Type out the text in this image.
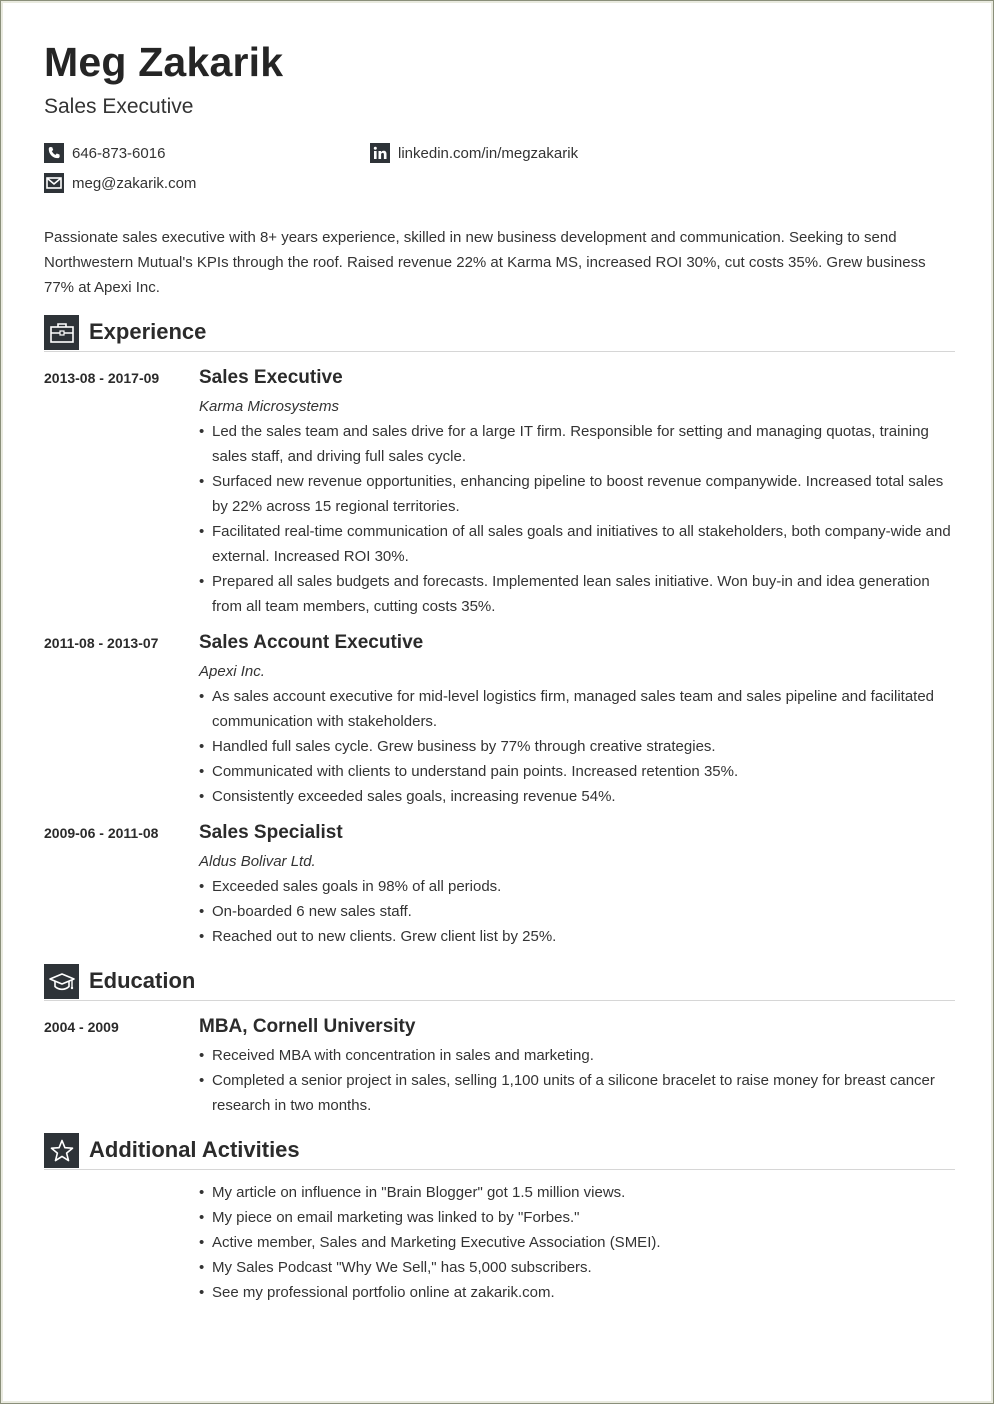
Meg Zakarik
Sales Executive
646-873-6016	linkedin.com/in/megzakarik
meg@zakarik.com
Passionate sales executive with 8+ years experience, skilled in new business development and communication. Seeking to send Northwestern Mutual's KPIs through the roof. Raised revenue 22% at Karma MS, increased ROI 30%, cut costs 35%. Grew business 77% at Apexi Inc.
Experience
2013-08 - 2017-09 Sales Executive
Karma Microsystems
• Led the sales team and sales drive for a large IT firm. Responsible for setting and managing quotas, training sales staff, and driving full sales cycle.
• Surfaced new revenue opportunities, enhancing pipeline to boost revenue companywide. Increased total sales by 22% across 15 regional territories.
• Facilitated real-time communication of all sales goals and initiatives to all stakeholders, both company-wide and external. Increased ROI 30%.
• Prepared all sales budgets and forecasts. Implemented lean sales initiative. Won buy-in and idea generation from all team members, cutting costs 35%.
2011-08 - 2013-07 Sales Account Executive
Apexi Inc.
• As sales account executive for mid-level logistics firm, managed sales team and sales pipeline and facilitated communication with stakeholders.
• Handled full sales cycle. Grew business by 77% through creative strategies.
• Communicated with clients to understand pain points. Increased retention 35%.
• Consistently exceeded sales goals, increasing revenue 54%.
2009-06 - 2011-08 Sales Specialist
Aldus Bolivar Ltd.
• Exceeded sales goals in 98% of all periods.
• On-boarded 6 new sales staff.
• Reached out to new clients. Grew client list by 25%.
Education
2004 - 2009	MBA, Cornell University
• Received MBA with concentration in sales and marketing.
• Completed a senior project in sales, selling 1,100 units of a silicone bracelet to raise money for breast cancer research in two months.
Additional Activities
• My article on influence in "Brain Blogger" got 1.5 million views.
• My piece on email marketing was linked to by "Forbes."
• Active member, Sales and Marketing Executive Association (SMEI).
• My Sales Podcast "Why We Sell," has 5,000 subscribers.
• See my professional portfolio online at zakarik.com.
